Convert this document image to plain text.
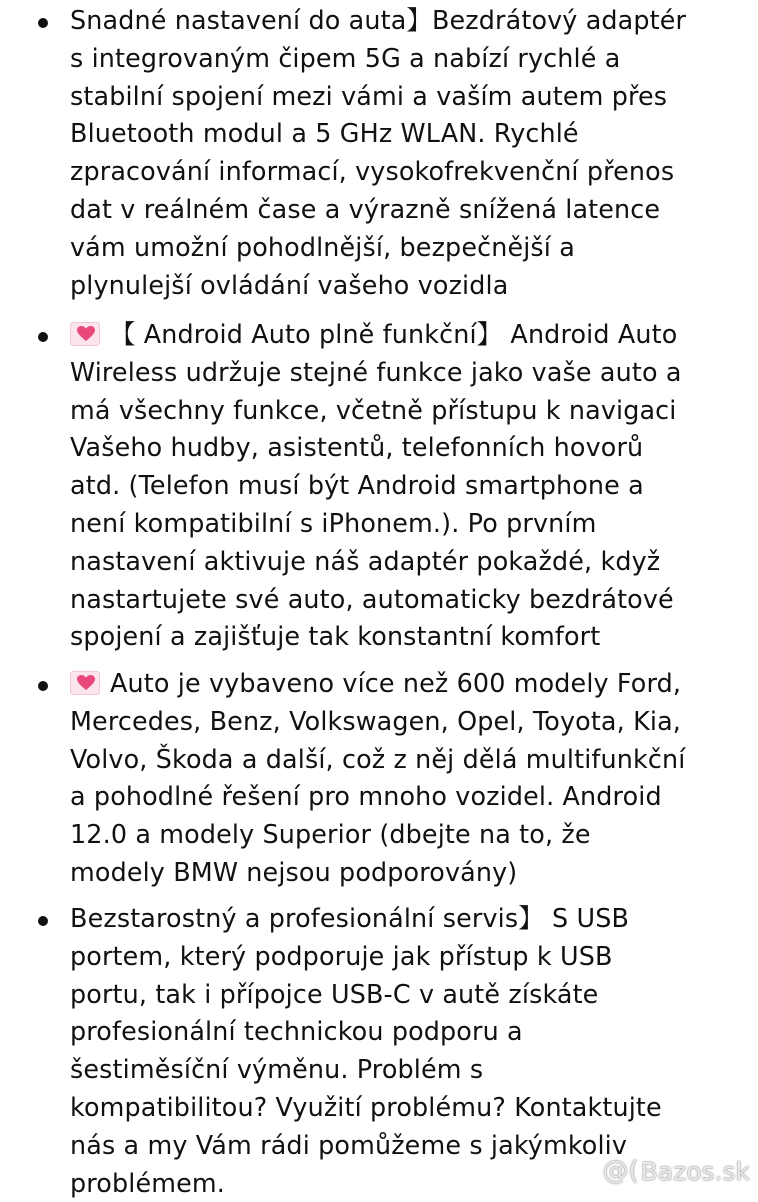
Snadné nastavení do auta】Bezdrátový adaptér
s integrovaným čipem 5G a nabízí rychlé a
stabilní spojení mezi vámi a vaším autem přes
Bluetooth modul a 5 GHz WLAN. Rychlé
zpracování informací, vysokofrekvenční přenos
dat v reálném čase a výrazně snížená latence
vám umožní pohodlnější, bezpečnější a
plynulejší ovládání vašeho vozidla
【 Android Auto plně funkční】 Android Auto
Wireless udržuje stejné funkce jako vaše auto a
má všechny funkce, včetně přístupu k navigaci
Vašeho hudby, asistentů, telefonních hovorů
atd. (Telefon musí být Android smartphone a
není kompatibilní s iPhonem.). Po prvním
nastavení aktivuje náš adaptér pokaždé, když
nastartujete své auto, automaticky bezdrátové
spojení a zajišťuje tak konstantní komfort
Auto je vybaveno více než 600 modely Ford,
Mercedes, Benz, Volkswagen, Opel, Toyota, Kia,
Volvo, Škoda a další, což z něj dělá multifunkční
a pohodlné řešení pro mnoho vozidel. Android
12.0 a modely Superior (dbejte na to, že
modely BMW nejsou podporovány)
Bezstarostný a profesionální servis】 S USB
portem, který podporuje jak přístup k USB
portu, tak i přípojce USB-C v autě získáte
profesionální technickou podporu a
šestiměsíční výměnu. Problém s
kompatibilitou? Využití problému? Kontaktujte
nás a my Vám rádi pomůžeme s jakýmkoliv
problémem.	@( Bazos.sk
